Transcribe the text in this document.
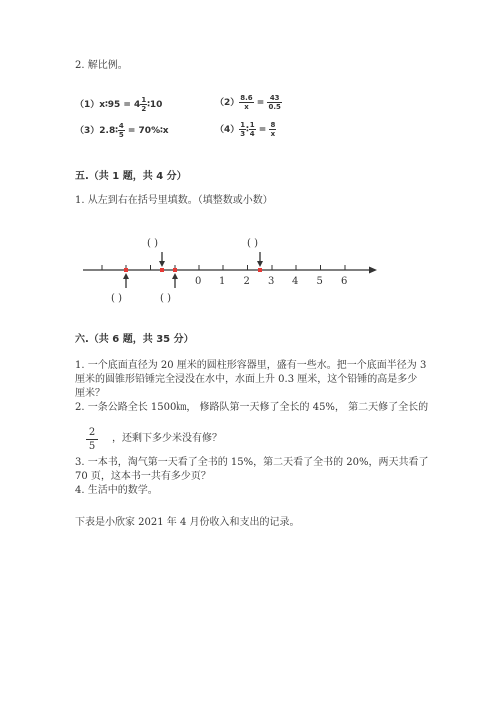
2. 解比例。
（1）x∶95 = $4 \frac{1}{2}$ ∶10	$(2) \frac{8.6}{x} = \frac{43}{0.5}$
（3）2.8∶ $\frac{4}{5}$ = 70%∶x	$(4) \frac{1}{3}$ ∶ $\frac{1}{4} = \frac{8}{x}$
五.（共 1 题，共 4 分）
1. 从左到右在括号里填数。（填整数或小数）
0 1 2 3 4 5 6
( )	( )
( )	( )
六.（共 6 题，共 35 分）
1. 一个底面直径为 20 厘米的圆柱形容器里，盛有一些水。把一个底面半径为 3
厘米的圆锥形铅锤完全浸没在水中，水面上升 0.3 厘米，这个铅锤的高是多少
厘米？
2. 一条公路全长 1500㎞， 修路队第一天修了全长的 45%， 第二天修了全长的
$\frac{2}{5}$ ，还剩下多少米没有修？
3. 一本书，淘气第一天看了全书的 15%，第二天看了全书的 20%，两天共看了
70 页，这本书一共有多少页？
4. 生活中的数学。
下表是小欣家 2021 年 4 月份收入和支出的记录。
